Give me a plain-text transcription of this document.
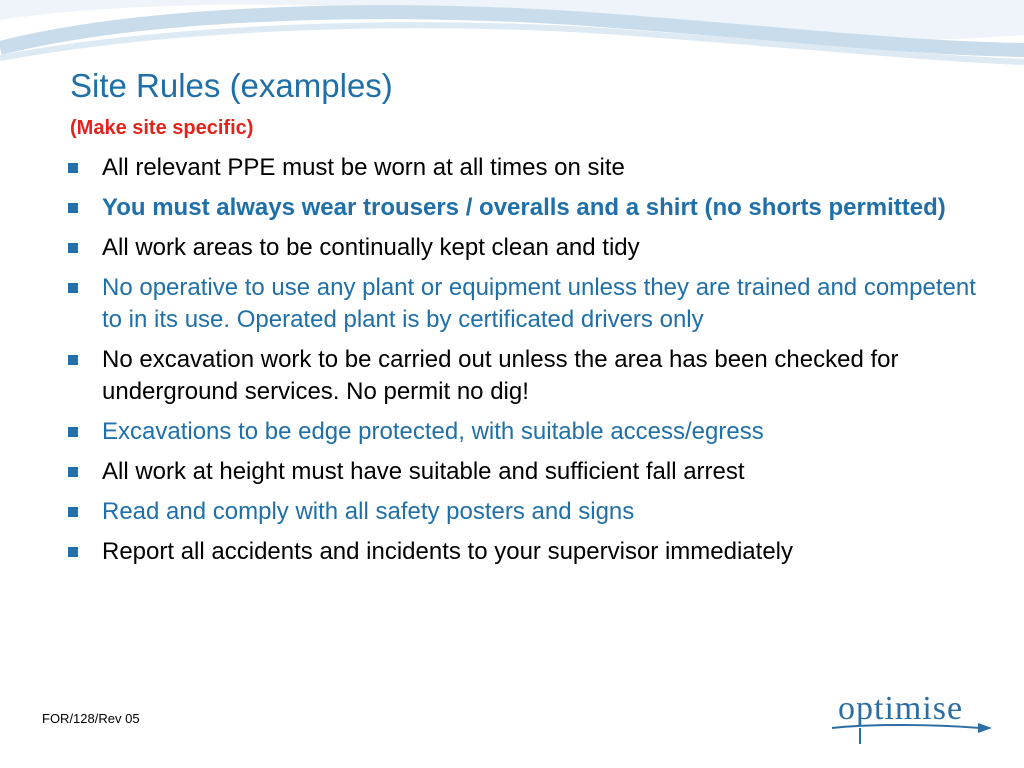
Site Rules (examples)
(Make site specific)
All relevant PPE must be worn at all times on site
You must always wear trousers / overalls and a shirt (no shorts permitted)
All work areas to be continually kept clean and tidy
No operative to use any plant or equipment unless they are trained and competent to in its use. Operated plant is by certificated drivers only
No excavation work to be carried out unless the area has been checked for underground services. No permit no dig!
Excavations to be edge protected, with suitable access/egress
All work at height must have suitable and sufficient fall arrest
Read and comply with all safety posters and signs
Report all accidents and incidents to your supervisor immediately
FOR/128/Rev 05	optimise
